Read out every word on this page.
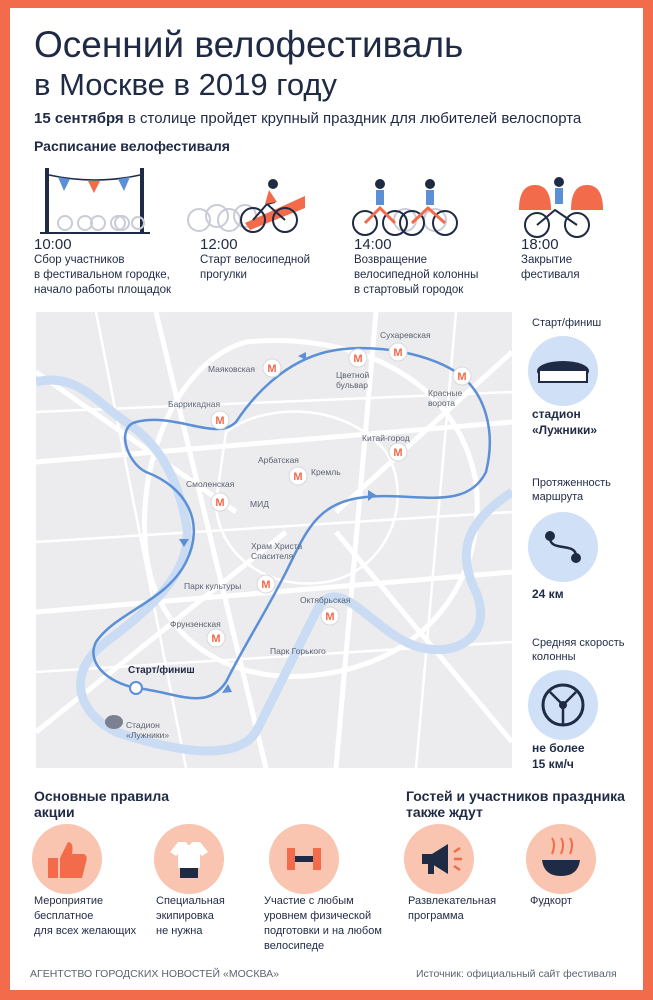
Осенний велофестиваль
в Москве в 2019 году
15 сентября в столице пройдет крупный праздник для любителей велоспорта
Расписание велофестиваля
10:00
Сбор участников
в фестивальном городке,
начало работы площадок
12:00
Старт велосипедной
прогулки
14:00
Возвращение
велосипедной колонны
в стартовый городок
18:00
Закрытие
фестиваля
Старт/финиш
М
Сухаревская
М
Маяковская
М
Цветной бульвар
М
Красные ворота
М
Баррикадная
М
Китай-город
М
Арбатская
М
Смоленская
М
Парк культуры
М
Октябрьская
М
Фрунзенская
Кремль
МИД
Храм Христа Спасителя
Парк Горького
Стадион «Лужники»
Старт/финиш
стадион
«Лужники»
Протяженность
маршрута
24 км
Средняя скорость
колонны
не более
15 км/ч
Основные правила
акции
Гостей и участников праздника
также ждут
Мероприятие
бесплатное
для всех желающих
Специальная
экипировка
не нужна
Участие с любым
уровнем физической
подготовки и на любом
велосипеде
Развлекательная
программа
Фудкорт
АГЕНТСТВО ГОРОДСКИХ НОВОСТЕЙ «МОСКВА»	Источник: официальный сайт фестиваля
